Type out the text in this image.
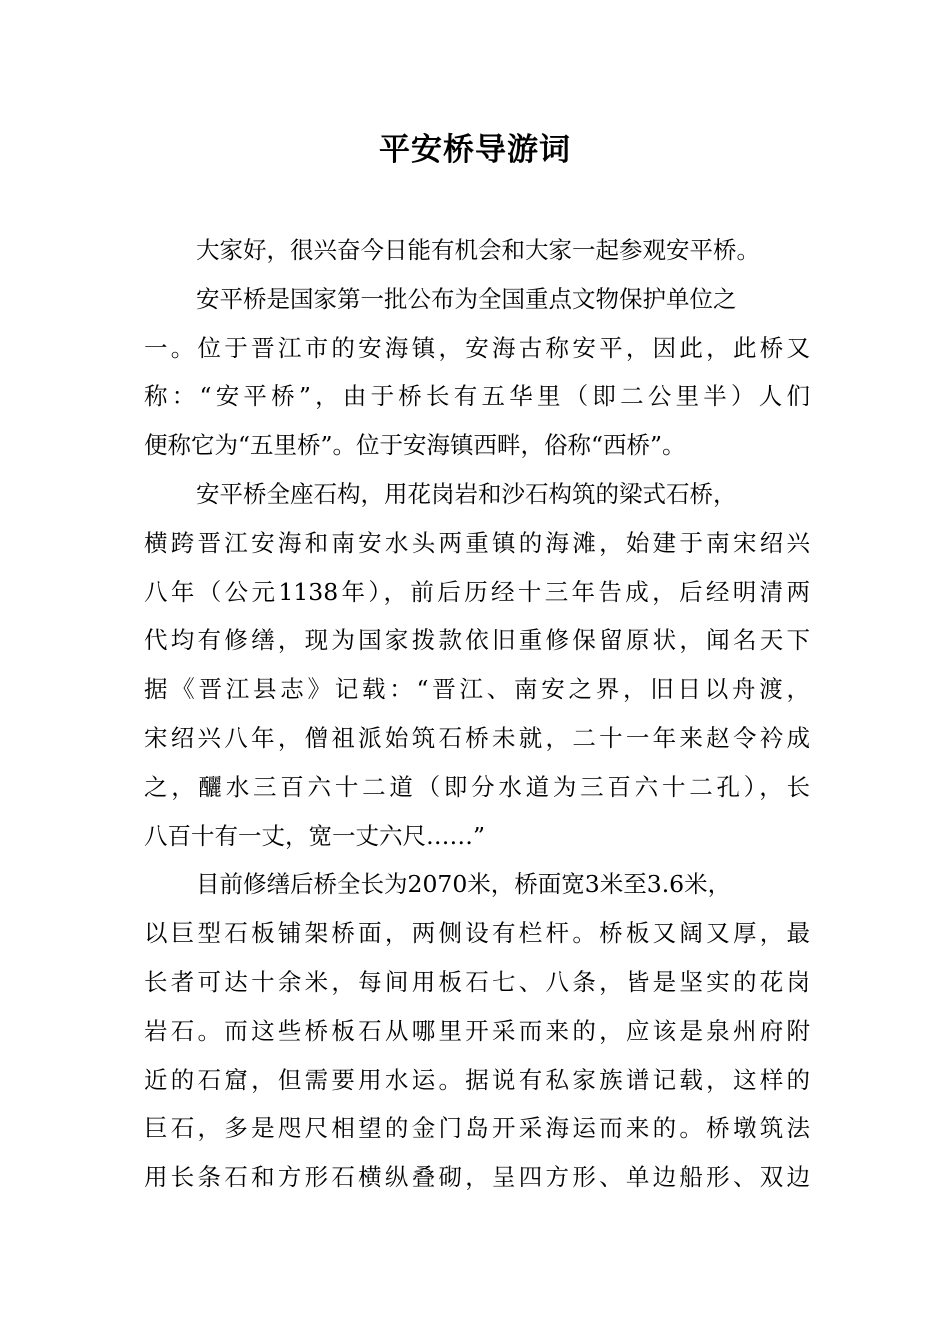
平安桥导游词
大家好，很兴奋今日能有机会和大家一起参观安平桥。
安平桥是国家第一批公布为全国重点文物保护单位之
一。位于晋江市的安海镇，安海古称安平，因此，此桥又
称：“安平桥”，由于桥长有五华里（即二公里半）人们
便称它为“五里桥”。位于安海镇西畔，俗称“西桥”。
安平桥全座石构，用花岗岩和沙石构筑的梁式石桥，
横跨晋江安海和南安水头两重镇的海滩，始建于南宋绍兴
八年（公元1138年），前后历经十三年告成，后经明清两
代均有修缮，现为国家拨款依旧重修保留原状，闻名天下
据《晋江县志》记载：“晋江、南安之界，旧日以舟渡，
宋绍兴八年，僧祖派始筑石桥未就，二十一年来赵令衿成
之，釃水三百六十二道（即分水道为三百六十二孔），长
八百十有一丈，宽一丈六尺……”
目前修缮后桥全长为2070米，桥面宽3米至3.6米，
以巨型石板铺架桥面，两侧设有栏杆。桥板又阔又厚，最
长者可达十余米，每间用板石七、八条，皆是坚实的花岗
岩石。而这些桥板石从哪里开采而来的，应该是泉州府附
近的石窟，但需要用水运。据说有私家族谱记载，这样的
巨石，多是咫尺相望的金门岛开采海运而来的。桥墩筑法
用长条石和方形石横纵叠砌，呈四方形、单边船形、双边
